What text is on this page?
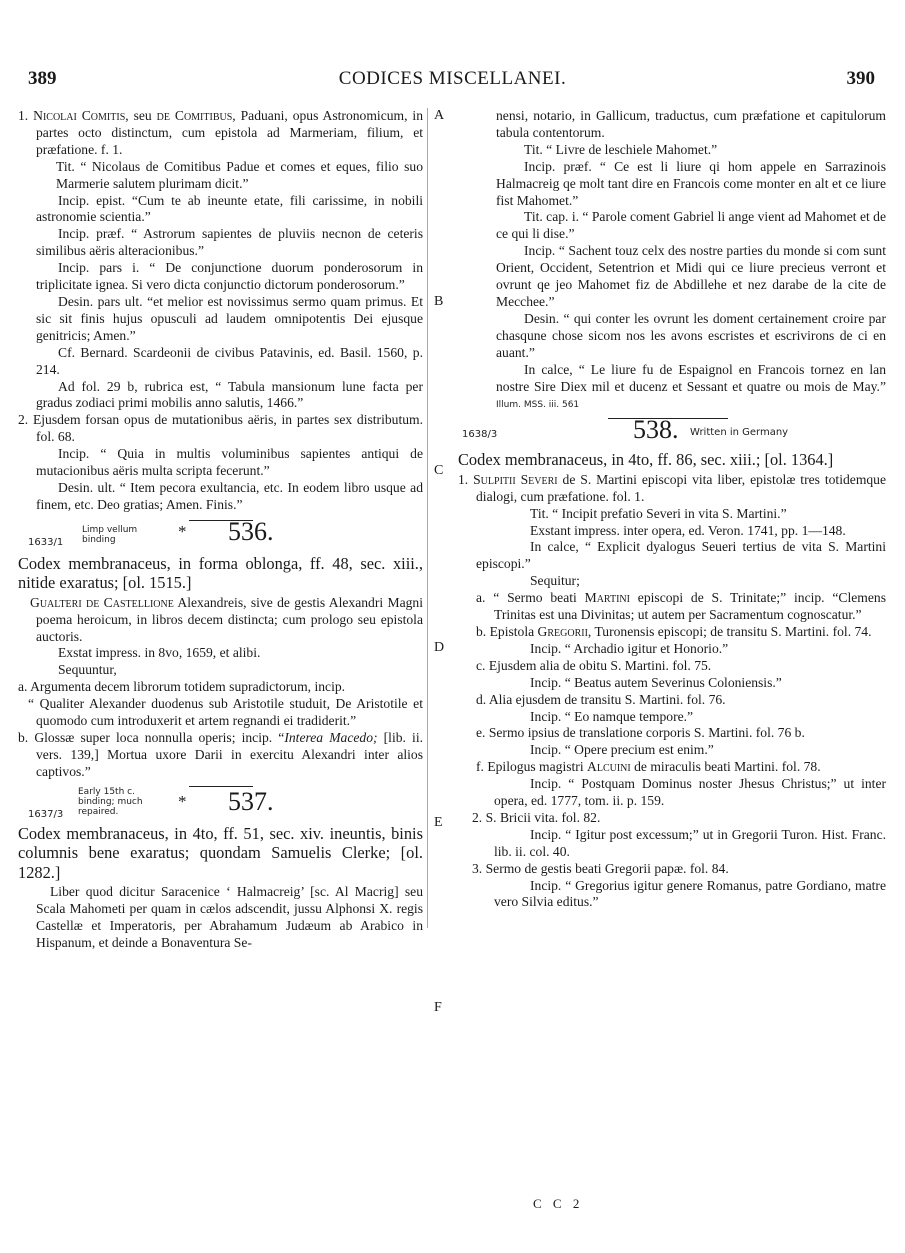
389	CODICES MISCELLANEI.	390

1. Nicolai Comitis, seu de Comitibus, Paduani, opus Astronomicum, in partes octo distinctum, cum epistola ad Marmeriam, filium, et præfatione. f. 1.

Tit. “ Nicolaus de Comitibus Padue et comes et eques, filio suo Marmerie salutem plurimam dicit.”

Incip. epist. “Cum te ab ineunte etate, fili carissime, in nobili astronomie scientia.”

Incip. præf. “ Astrorum sapientes de pluviis necnon de ceteris similibus aëris alteracionibus.”

Incip. pars i. “ De conjunctione duorum ponderosorum in triplicitate ignea. Si vero dicta conjunctio dictorum ponderosorum.”

Desin. pars ult. “et melior est novissimus sermo quam primus. Et sic sit finis hujus opusculi ad laudem omnipotentis Dei ejusque genitricis; Amen.”

Cf. Bernard. Scardeonii de civibus Patavinis, ed. Basil. 1560, p. 214.

Ad fol. 29 b, rubrica est, “ Tabula mansionum lune facta per gradus zodiaci primi mobilis anno salutis, 1466.”

2. Ejusdem forsan opus de mutationibus aëris, in partes sex distributum. fol. 68.

Incip. “ Quia in multis voluminibus sapientes antiqui de mutacionibus aëris multa scripta fecerunt.”

Desin. ult. “ Item pecora exultancia, etc. In eodem libro usque ad finem, etc. Deo gratias; Amen. Finis.”

1633/1
Limp vellum
binding	* 536.

Codex membranaceus, in forma oblonga, ff. 48, sec. xiii., nitide exaratus; [ol. 1515.]

Gualteri de Castellione Alexandreis, sive de gestis Alexandri Magni poema heroicum, in libros decem distincta; cum prologo seu epistola auctoris.

Exstat impress. in 8vo, 1659, et alibi.

Sequuntur,

a. Argumenta decem librorum totidem supradictorum, incip.

“ Qualiter Alexander duodenus sub Aristotile studuit, De Aristotile et quomodo cum introduxerit et artem regnandi ei tradiderit.”

b. Glossæ super loca nonnulla operis; incip. “Interea Macedo; [lib. ii. vers. 139,] Mortua uxore Darii in exercitu Alexandri inter alios captivos.”

1637/3
Early 15th c.
binding; much
repaired.
* 537.

Codex membranaceus, in 4to, ff. 51, sec. xiv. ineuntis, binis columnis bene exaratus; quondam Samuelis Clerke; [ol. 1282.]

Liber quod dicitur Saracenice ‘ Halmacreig’ [sc. Al Macrig] seu Scala Mahometi per quam in cælos adscendit, jussu Alphonsi X. regis Castellæ et Imperatoris, per Abrahamum Judæum ab Arabico in Hispanum, et deinde a Bonaventura Se-

A
B
C
D
E
F

nensi, notario, in Gallicum, traductus, cum præfatione et capitulorum tabula contentorum.

Tit. “ Livre de leschiele Mahomet.”

Incip. præf. “ Ce est li liure qi hom appele en Sarrazinois Halmacreig qe molt tant dire en Francois come monter en alt et ce liure fist Mahomet.”

Tit. cap. i. “ Parole coment Gabriel li ange vient ad Mahomet et de ce qui li dise.”

Incip. “ Sachent touz celx des nostre parties du monde si com sunt Orient, Occident, Setentrion et Midi qui ce liure precieus verront et ovrunt qe jeo Mahomet fiz de Abdillehe et nez darabe de la cite de Mecchee.”

Desin. “ qui conter les ovrunt les doment certainement croire par chasqune chose sicom nos les avons escristes et escrivirons de ci en auant.”

In calce, “ Le liure fu de Espaignol en Francois tornez en lan nostre Sire Diex mil et ducenz et Sessant et quatre ou mois de May.” Illum. MSS. iii. 561

1638/3	538. Written in Germany

Codex membranaceus, in 4to, ff. 86, sec. xiii.; [ol. 1364.]

1. Sulpitii Severi de S. Martini episcopi vita liber, epistolæ tres totidemque dialogi, cum præfatione. fol. 1.

Tit. “ Incipit prefatio Severi in vita S. Martini.”

Exstant impress. inter opera, ed. Veron. 1741, pp. 1—148.

In calce, “ Explicit dyalogus Seueri tertius de vita S. Martini episcopi.”

Sequitur;

a. “ Sermo beati Martini episcopi de S. Trinitate;” incip. “Clemens Trinitas est una Divinitas; ut autem per Sacramentum cognoscatur.”

b. Epistola Gregorii, Turonensis episcopi; de transitu S. Martini. fol. 74.

Incip. “ Archadio igitur et Honorio.”

c. Ejusdem alia de obitu S. Martini. fol. 75.

Incip. “ Beatus autem Severinus Coloniensis.”

d. Alia ejusdem de transitu S. Martini. fol. 76.

Incip. “ Eo namque tempore.”

e. Sermo ipsius de translatione corporis S. Martini. fol. 76 b.

Incip. “ Opere precium est enim.”

f. Epilogus magistri Alcuini de miraculis beati Martini. fol. 78.

Incip. “ Postquam Dominus noster Jhesus Christus;” ut inter opera, ed. 1777, tom. ii. p. 159.

2. S. Bricii vita. fol. 82.

Incip. “ Igitur post excessum;” ut in Gregorii Turon. Hist. Franc. lib. ii. col. 40.

3. Sermo de gestis beati Gregorii papæ. fol. 84.

Incip. “ Gregorius igitur genere Romanus, patre Gordiano, matre vero Silvia editus.”

C C 2
